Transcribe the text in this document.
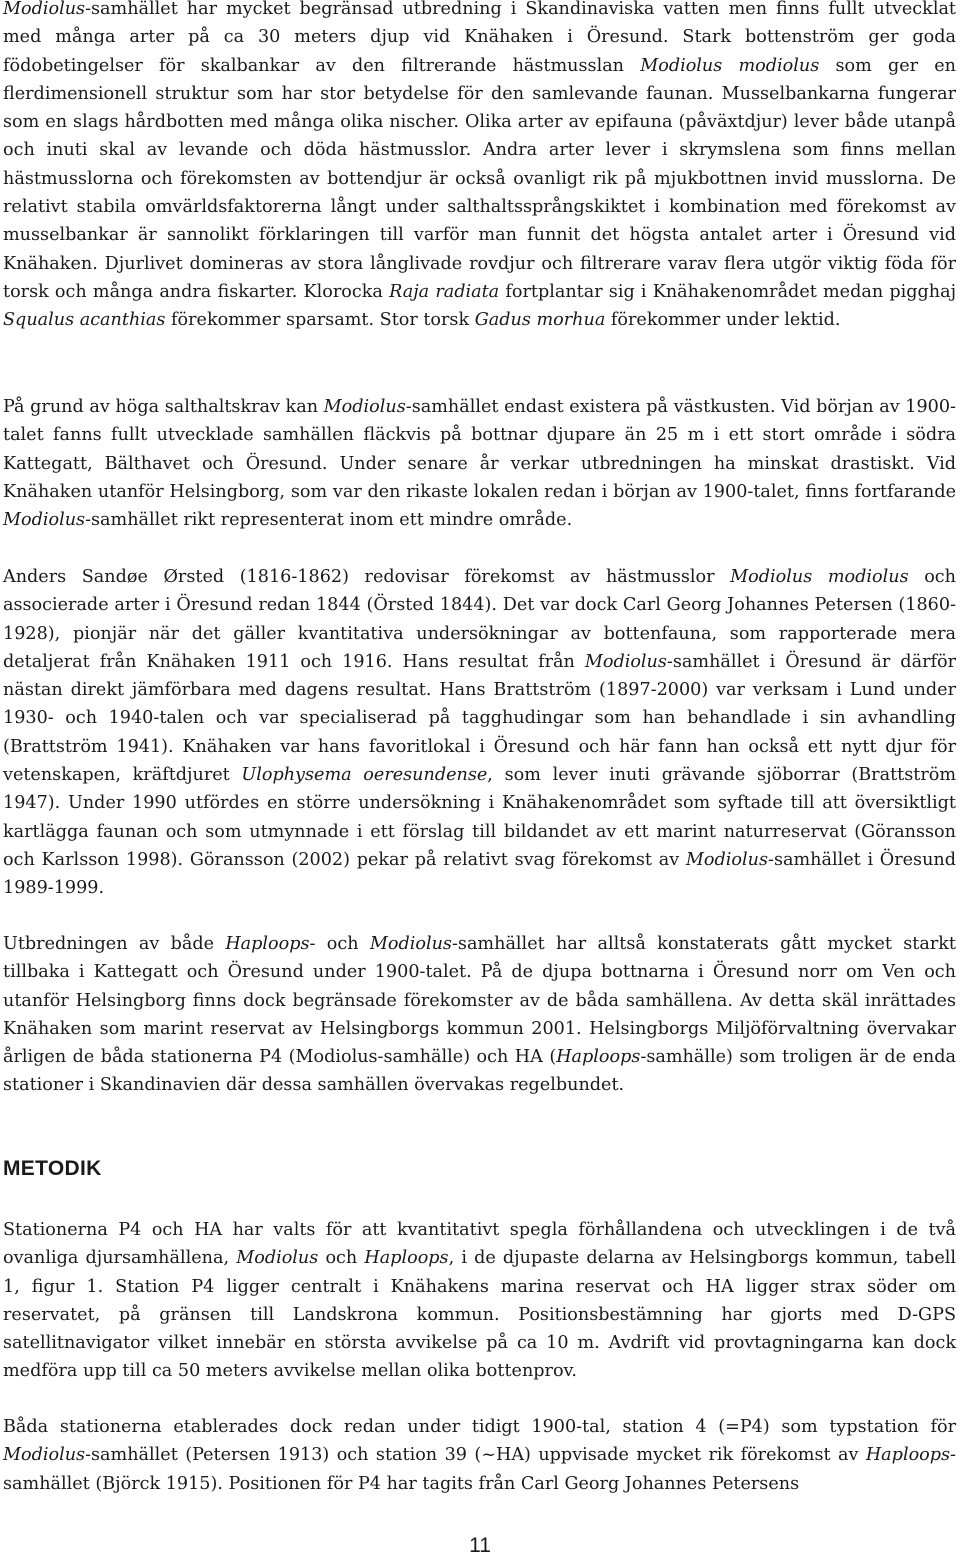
Modiolus-samhället har mycket begränsad utbredning i Skandinaviska vatten men finns fullt utvecklat med många arter på ca 30 meters djup vid Knähaken i Öresund. Stark bottenström ger goda födobetingelser för skalbankar av den filtrerande hästmusslan Modiolus modiolus som ger en flerdimensionell struktur som har stor betydelse för den samlevande faunan. Musselbankarna fungerar som en slags hårdbotten med många olika nischer. Olika arter av epifauna (påväxtdjur) lever både utanpå och inuti skal av levande och döda hästmusslor. Andra arter lever i skrymslena som finns mellan hästmusslorna och förekomsten av bottendjur är också ovanligt rik på mjukbottnen invid musslorna. De relativt stabila omvärldsfaktorerna långt under salthaltssprångskiktet i kombination med förekomst av musselbankar är sannolikt förklaringen till varför man funnit det högsta antalet arter i Öresund vid Knähaken. Djurlivet domineras av stora långlivade rovdjur och filtrerare varav flera utgör viktig föda för torsk och många andra fiskarter. Klorocka Raja radiata fortplantar sig i Knähakenområdet medan pigghaj Squalus acanthias förekommer sparsamt. Stor torsk Gadus morhua förekommer under lektid.

På grund av höga salthaltskrav kan Modiolus-samhället endast existera på västkusten. Vid början av 1900-talet fanns fullt utvecklade samhällen fläckvis på bottnar djupare än 25 m i ett stort område i södra Kattegatt, Bälthavet och Öresund. Under senare år verkar utbredningen ha minskat drastiskt. Vid Knähaken utanför Helsingborg, som var den rikaste lokalen redan i början av 1900-talet, finns fortfarande Modiolus-samhället rikt representerat inom ett mindre område.

Anders Sandøe Ørsted (1816-1862) redovisar förekomst av hästmusslor Modiolus modiolus och associerade arter i Öresund redan 1844 (Örsted 1844). Det var dock Carl Georg Johannes Petersen (1860-1928), pionjär när det gäller kvantitativa undersökningar av bottenfauna, som rapporterade mera detaljerat från Knähaken 1911 och 1916. Hans resultat från Modiolus-samhället i Öresund är därför nästan direkt jämförbara med dagens resultat. Hans Brattström (1897-2000) var verksam i Lund under 1930- och 1940-talen och var specialiserad på tagghudingar som han behandlade i sin avhandling (Brattström 1941). Knähaken var hans favoritlokal i Öresund och här fann han också ett nytt djur för vetenskapen, kräftdjuret Ulophysema oeresundense, som lever inuti grävande sjöborrar (Brattström 1947). Under 1990 utfördes en större undersökning i Knähakenområdet som syftade till att översiktligt kartlägga faunan och som utmynnade i ett förslag till bildandet av ett marint naturreservat (Göransson och Karlsson 1998). Göransson (2002) pekar på relativt svag förekomst av Modiolus-samhället i Öresund 1989-1999.

Utbredningen av både Haploops- och Modiolus-samhället har alltså konstaterats gått mycket starkt tillbaka i Kattegatt och Öresund under 1900-talet. På de djupa bottnarna i Öresund norr om Ven och utanför Helsingborg finns dock begränsade förekomster av de båda samhällena. Av detta skäl inrättades Knähaken som marint reservat av Helsingborgs kommun 2001. Helsingborgs Miljöförvaltning övervakar årligen de båda stationerna P4 (Modiolus-samhälle) och HA (Haploops-samhälle) som troligen är de enda stationer i Skandinavien där dessa samhällen övervakas regelbundet.

Stationerna P4 och HA har valts för att kvantitativt spegla förhållandena och utvecklingen i de två ovanliga djursamhällena, Modiolus och Haploops, i de djupaste delarna av Helsingborgs kommun, tabell 1, figur 1. Station P4 ligger centralt i Knähakens marina reservat och HA ligger strax söder om reservatet, på gränsen till Landskrona kommun. Positionsbestämning har gjorts med D-GPS satellitnavigator vilket innebär en största avvikelse på ca 10 m. Avdrift vid provtagningarna kan dock medföra upp till ca 50 meters avvikelse mellan olika bottenprov.

Båda stationerna etablerades dock redan under tidigt 1900-tal, station 4 (=P4) som typstation för Modiolus-samhället (Petersen 1913) och station 39 (~HA) uppvisade mycket rik förekomst av Haploops-samhället (Björck 1915). Positionen för P4 har tagits från Carl Georg Johannes Petersens

METODIK
11
